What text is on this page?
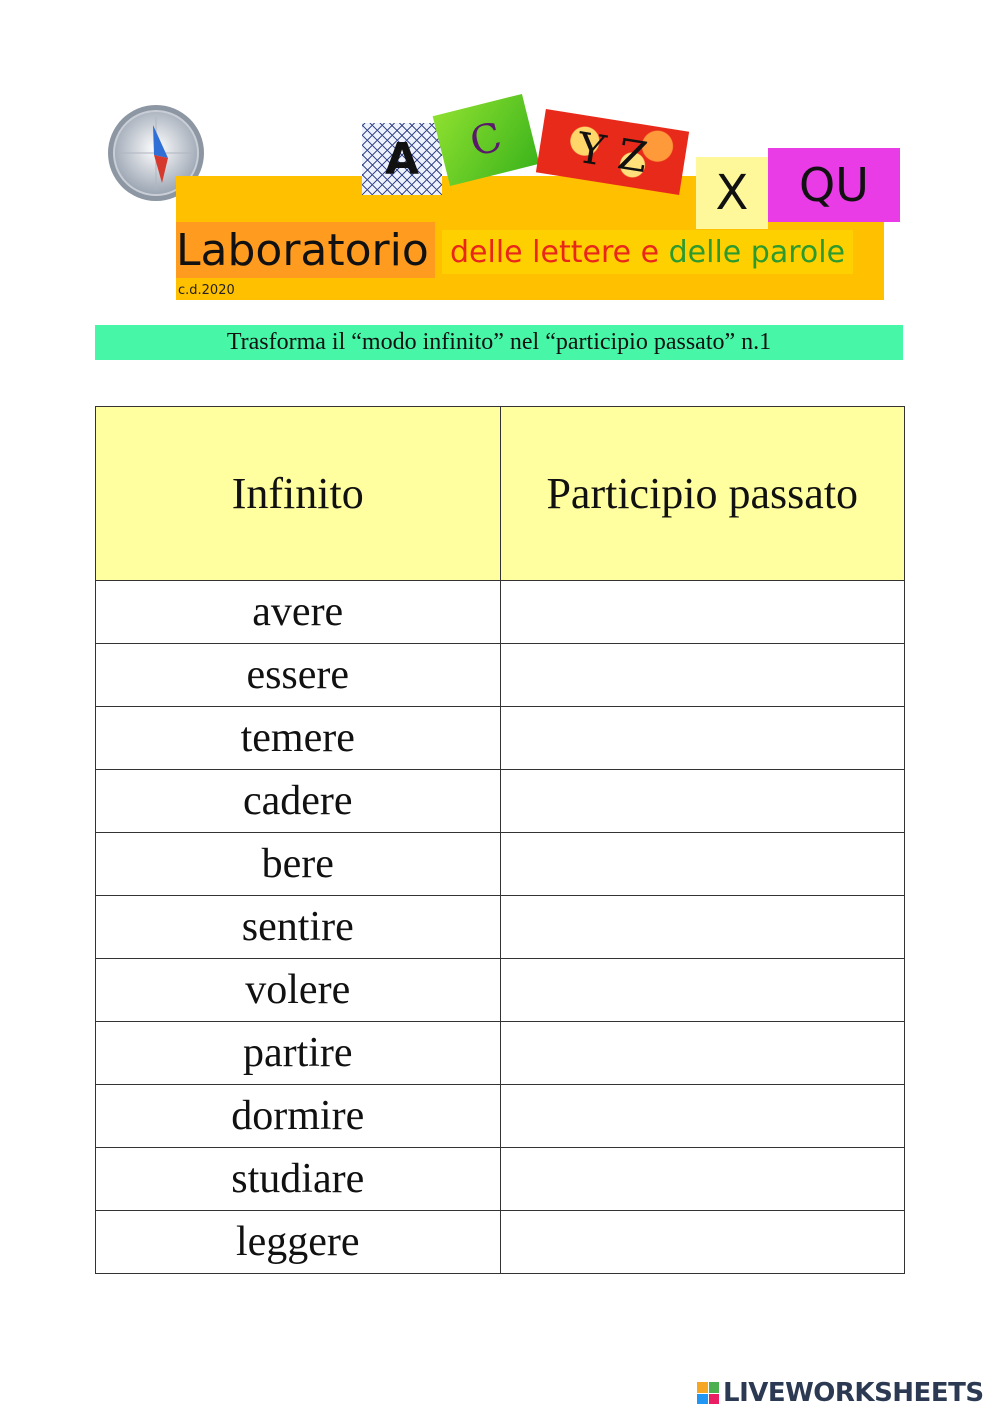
A	C	Y Z
X	QU
Laboratorio delle lettere e
delle parole
c.d.2020
Trasforma il “modo infinito” nel “participio passato” n.1
Infinito	Participio passato
avere	
essere	
temere	
cadere	
bere	
sentire	
volere	
partire	
dormire	
studiare	
leggere	
LIVEWORKSHEETS
